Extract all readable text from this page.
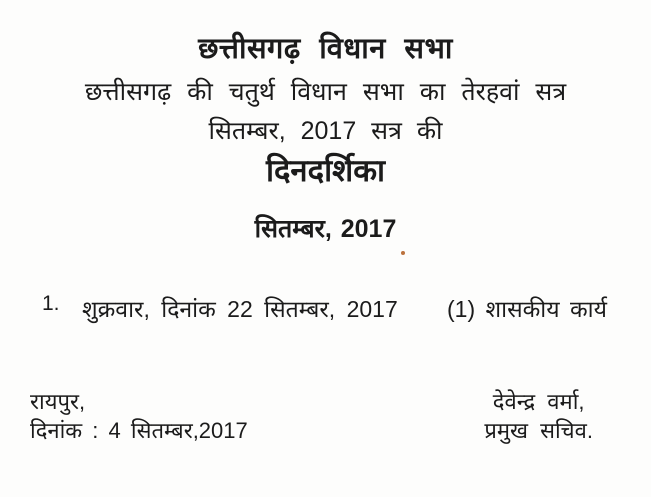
छत्तीसगढ़ विधान सभा
छत्तीसगढ़ की चतुर्थ विधान सभा का तेरहवां सत्र
सितम्बर, 2017 सत्र की
दिनदर्शिका
सितम्बर, 2017
1. शुक्रवार, दिनांक 22 सितम्बर, 2017 (1) शासकीय कार्य
रायपुर,
दिनांक : 4 सितम्बर,2017
देवेन्द्र वर्मा,
प्रमुख सचिव.
